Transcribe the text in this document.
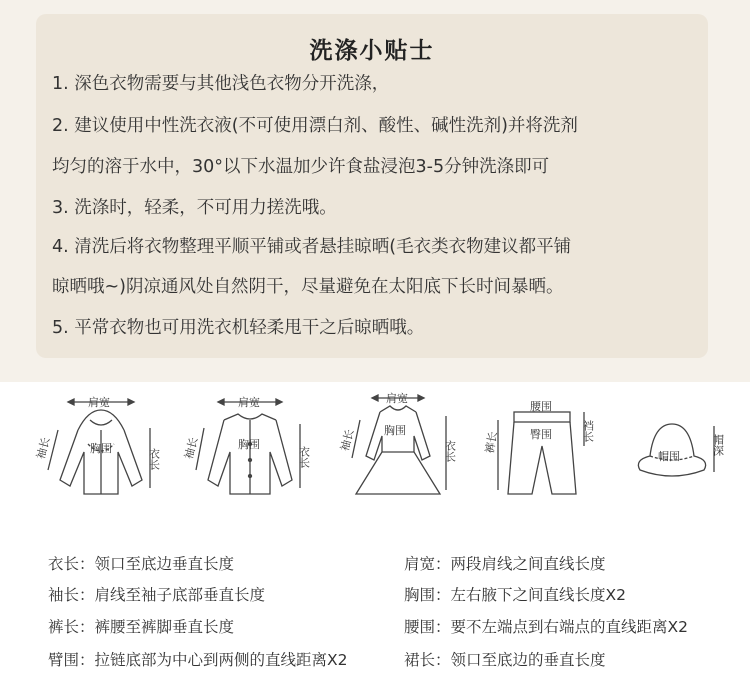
洗涤小贴士
1. 深色衣物需要与其他浅色衣物分开洗涤，
2. 建议使用中性洗衣液(不可使用漂白剂、酸性、碱性洗剂)并将洗剂
均匀的溶于水中，30°以下水温加少许食盐浸泡3-5分钟洗涤即可
3. 洗涤时，轻柔，不可用力搓洗哦。
4. 清洗后将衣物整理平顺平铺或者悬挂晾晒(毛衣类衣物建议都平铺
晾晒哦~)阴凉通风处自然阴干，尽量避免在太阳底下长时间暴晒。
5. 平常衣物也可用洗衣机轻柔甩干之后晾晒哦。
肩宽
胸围
袖长	衣长
肩宽
胸围
袖长	衣长
肩宽
胸围
袖长	衣长
腰围
臀围
裤长	裆长
帽围
帽深
衣长：领口至底边垂直长度
袖长：肩线至袖子底部垂直长度
裤长：裤腰至裤脚垂直长度
臂围：拉链底部为中心到两侧的直线距离X2
肩宽：两段肩线之间直线长度
胸围：左右腋下之间直线长度X2
腰围：要不左端点到右端点的直线距离X2
裙长：领口至底边的垂直长度
